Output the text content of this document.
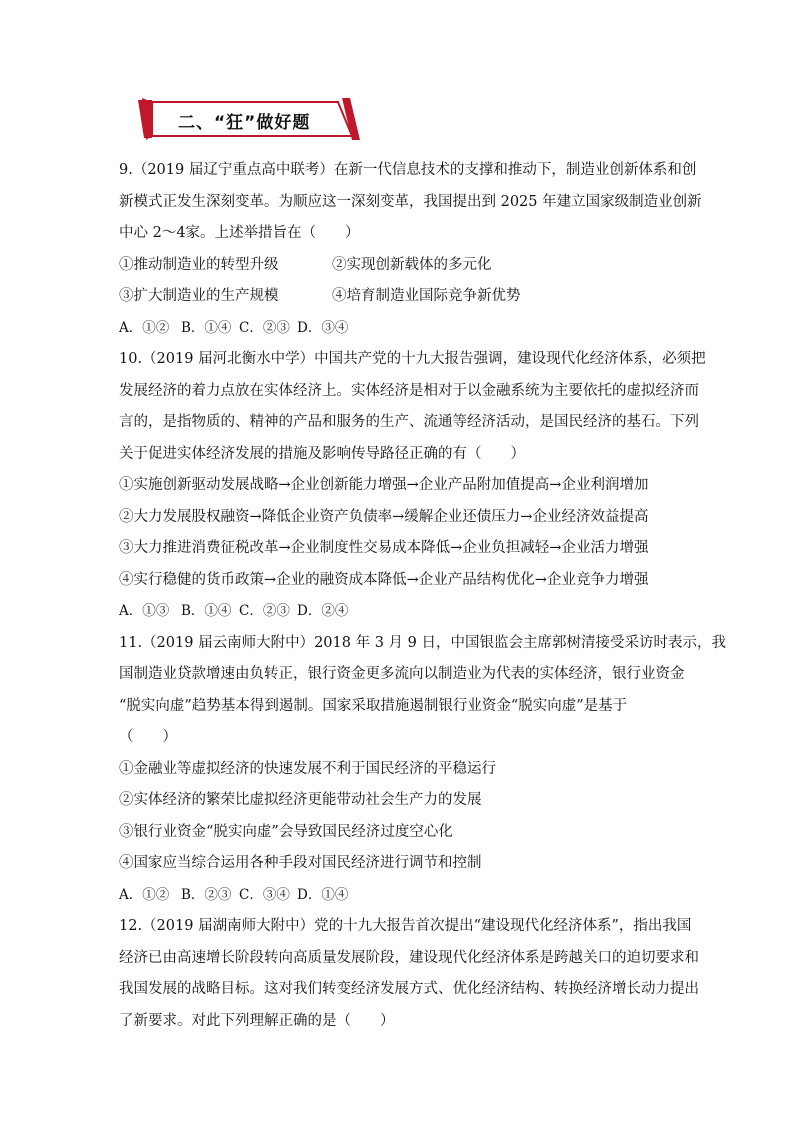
二、“狂”做好题
9.（2019 届辽宁重点高中联考）在新一代信息技术的支撑和推动下，制造业创新体系和创
新模式正发生深刻变革。为顺应这一深刻变革，我国提出到 2025 年建立国家级制造业创新
中心 2～4家。上述举措旨在（　　）
①推动制造业的转型升级	②实现创新载体的多元化
③扩大制造业的生产规模	④培育制造业国际竞争新优势
A．①② B．①④ C．②③ D．③④
10.（2019 届河北衡水中学）中国共产党的十九大报告强调，建设现代化经济体系，必须把
发展经济的着力点放在实体经济上。实体经济是相对于以金融系统为主要依托的虚拟经济而
言的，是指物质的、精神的产品和服务的生产、流通等经济活动，是国民经济的基石。下列
关于促进实体经济发展的措施及影响传导路径正确的有（　　）
①实施创新驱动发展战略→企业创新能力增强→企业产品附加值提高→企业利润增加
②大力发展股权融资→降低企业资产负债率→缓解企业还债压力→企业经济效益提高
③大力推进消费征税改革→企业制度性交易成本降低→企业负担减轻→企业活力增强
④实行稳健的货币政策→企业的融资成本降低→企业产品结构优化→企业竞争力增强
A．①③ B．①④ C．②③ D．②④
11.（2019 届云南师大附中）2018 年 3 月 9 日，中国银监会主席郭树清接受采访时表示，我
国制造业贷款增速由负转正，银行资金更多流向以制造业为代表的实体经济，银行业资金
“脱实向虚”趋势基本得到遏制。国家采取措施遏制银行业资金“脱实向虚”是基于
（　　）
①金融业等虚拟经济的快速发展不利于国民经济的平稳运行
②实体经济的繁荣比虚拟经济更能带动社会生产力的发展
③银行业资金“脱实向虚”会导致国民经济过度空心化
④国家应当综合运用各种手段对国民经济进行调节和控制
A．①② B．②③ C．③④ D．①④
12.（2019 届湖南师大附中）党的十九大报告首次提出“建设现代化经济体系”，指出我国
经济已由高速增长阶段转向高质量发展阶段，建设现代化经济体系是跨越关口的迫切要求和
我国发展的战略目标。这对我们转变经济发展方式、优化经济结构、转换经济增长动力提出
了新要求。对此下列理解正确的是（　　）
